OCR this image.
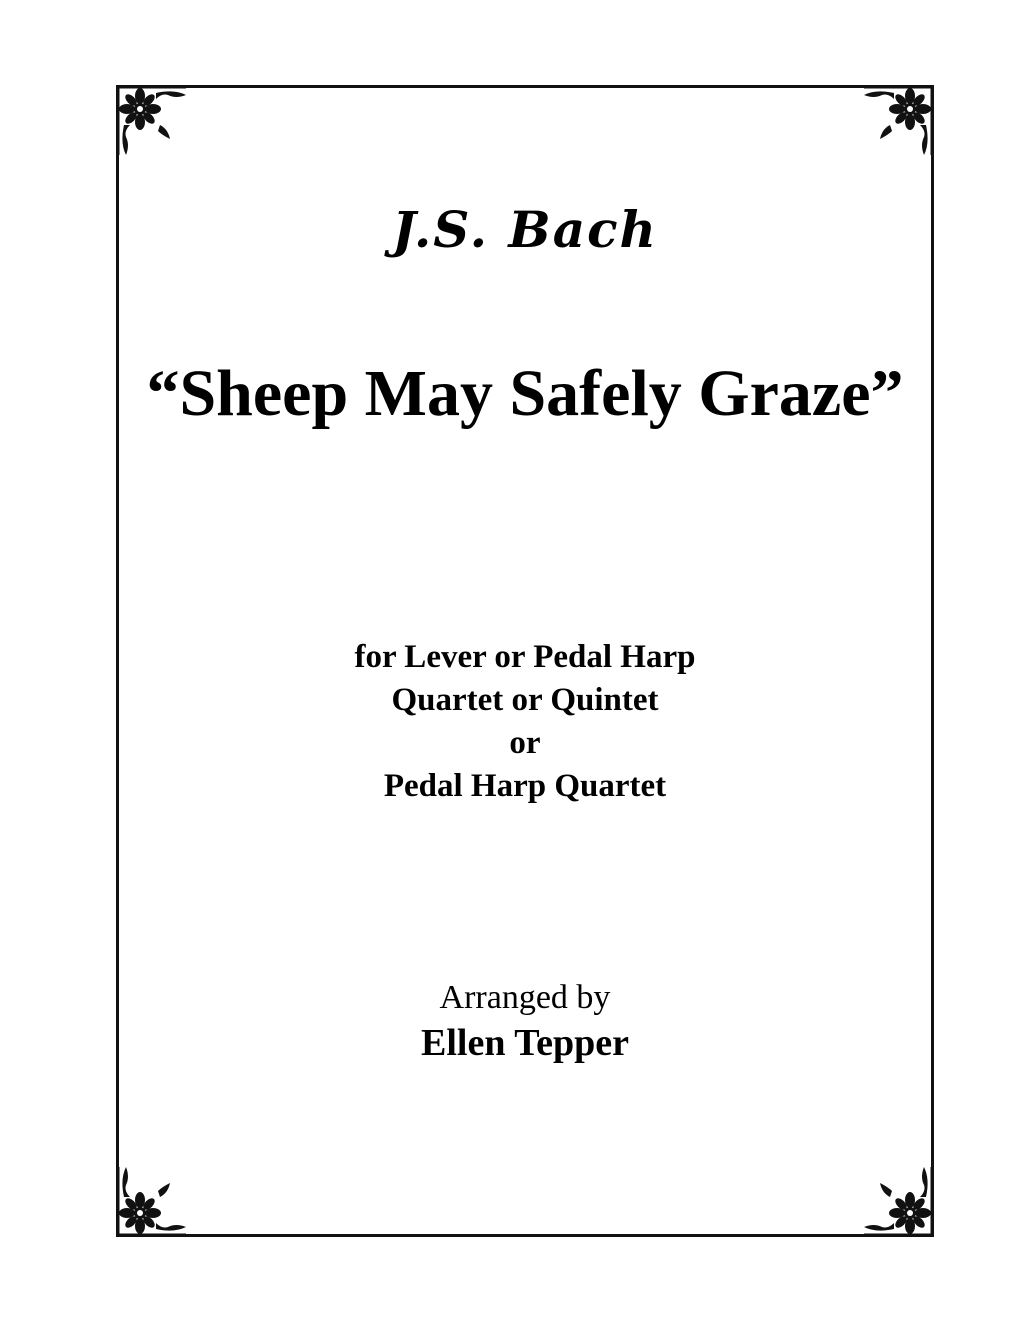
J.S. Bach
“Sheep May Safely Graze”
for Lever or Pedal Harp
Quartet or Quintet
or
Pedal Harp Quartet
Arranged by
Ellen Tepper
